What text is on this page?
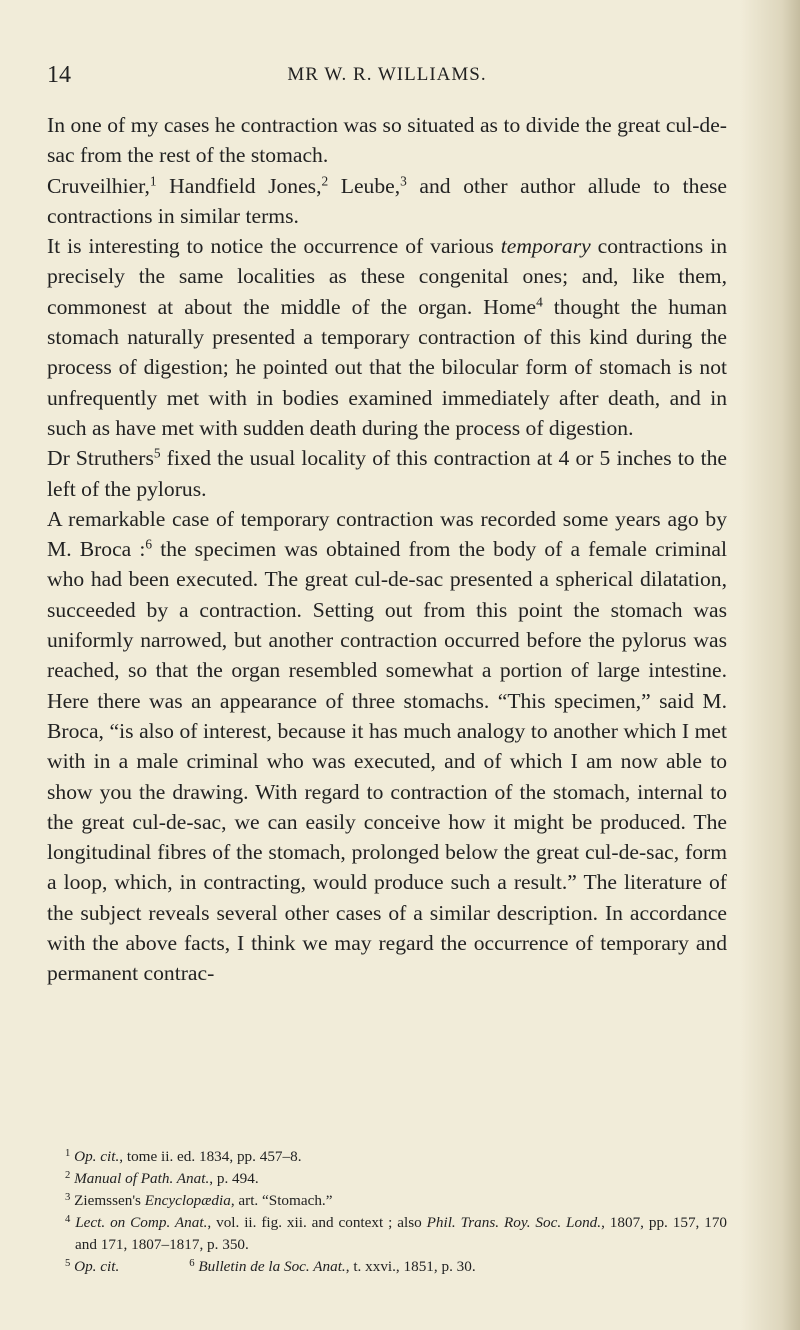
14	MR W. R. WILLIAMS.

In one of my cases he contraction was so situated as to divide the great cul-de-sac from the rest of the stomach.

Cruveilhier,$^1$ Handfield Jones,$^2$ Leube,$^3$ and other author allude to these contractions in similar terms.

It is interesting to notice the occurrence of various temporary contractions in precisely the same localities as these congenital ones; and, like them, commonest at about the middle of the organ. Home$^4$ thought the human stomach naturally presented a temporary contraction of this kind during the process of digestion; he pointed out that the bilocular form of stomach is not unfrequently met with in bodies examined immediately after death, and in such as have met with sudden death during the process of digestion.

Dr Struthers$^5$ fixed the usual locality of this contraction at 4 or 5 inches to the left of the pylorus.

A remarkable case of temporary contraction was recorded some years ago by M. Broca :$^6$ the specimen was obtained from the body of a female criminal who had been executed. The great cul-de-sac presented a spherical dilatation, succeeded by a contraction. Setting out from this point the stomach was uniformly narrowed, but another contraction occurred before the pylorus was reached, so that the organ resembled somewhat a portion of large intestine. Here there was an appearance of three stomachs. “This specimen,” said M. Broca, “is also of interest, because it has much analogy to another which I met with in a male criminal who was executed, and of which I am now able to show you the drawing. With regard to contraction of the stomach, internal to the great cul-de-sac, we can easily conceive how it might be produced. The longitudinal fibres of the stomach, prolonged below the great cul-de-sac, form a loop, which, in contracting, would produce such a result.” The literature of the subject reveals several other cases of a similar description. In accordance with the above facts, I think we may regard the occurrence of temporary and permanent contrac-

$^1$ Op. cit., tome ii. ed. 1834, pp. 457–8.

$^2$ Manual of Path. Anat., p. 494.

$^3$ Ziemssen's Encyclopædia, art. “Stomach.”

$^4$ Lect. on Comp. Anat., vol. ii. fig. xii. and context ; also Phil. Trans. Roy. Soc. Lond., 1807, pp. 157, 170 and 171, 1807–1817, p. 350.

$^5$ Op. cit.	$^6$ Bulletin de la Soc. Anat., t. xxvi., 1851, p. 30.
